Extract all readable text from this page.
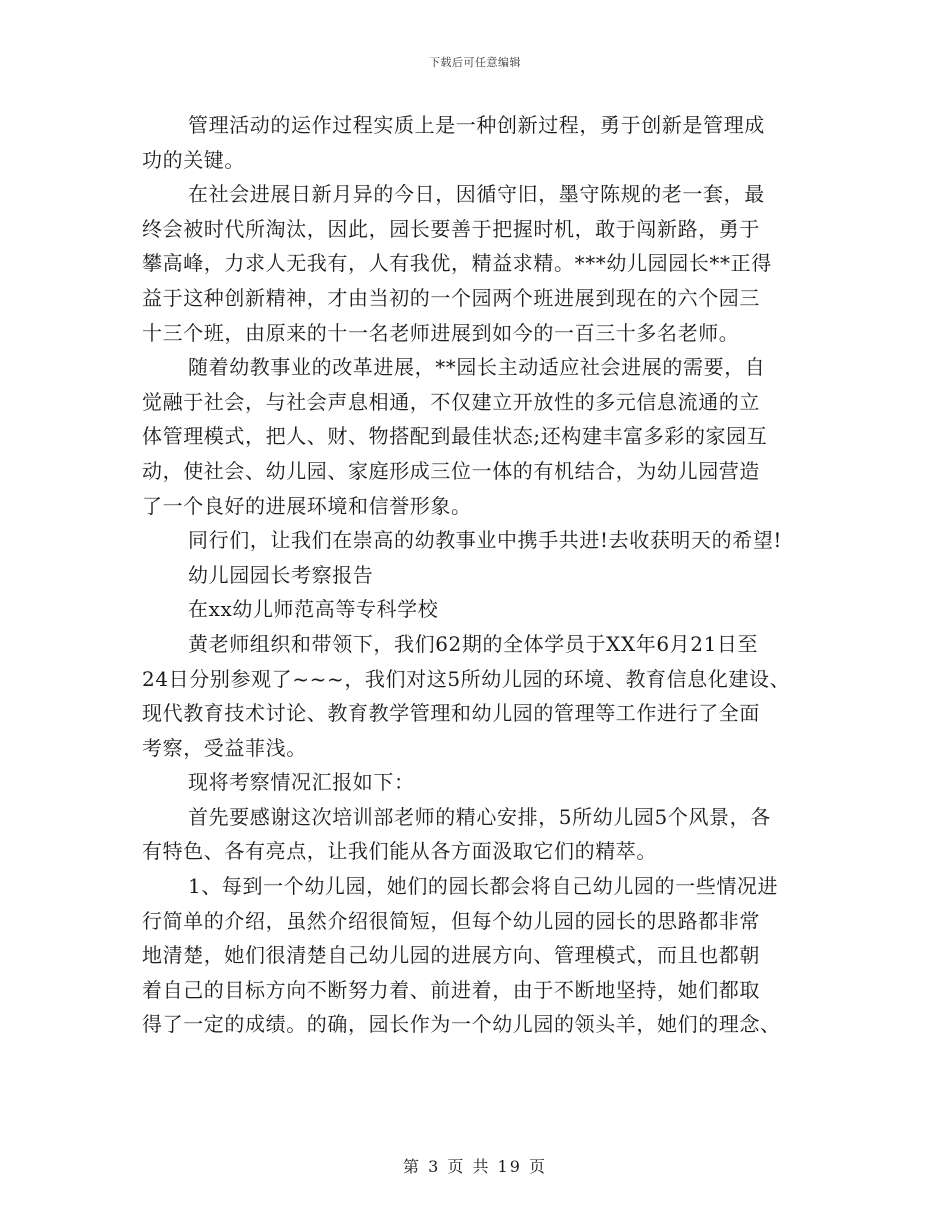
下载后可任意编辑
管理活动的运作过程实质上是一种创新过程，勇于创新是管理成
功的关键。
在社会进展日新月异的今日，因循守旧，墨守陈规的老一套，最
终会被时代所淘汰，因此，园长要善于把握时机，敢于闯新路，勇于
攀高峰，力求人无我有，人有我优，精益求精。***幼儿园园长**正得
益于这种创新精神，才由当初的一个园两个班进展到现在的六个园三
十三个班，由原来的十一名老师进展到如今的一百三十多名老师。
随着幼教事业的改革进展，**园长主动适应社会进展的需要，自
觉融于社会，与社会声息相通，不仅建立开放性的多元信息流通的立
体管理模式，把人、财、物搭配到最佳状态;还构建丰富多彩的家园互
动，使社会、幼儿园、家庭形成三位一体的有机结合，为幼儿园营造
了一个良好的进展环境和信誉形象。
同行们，让我们在崇高的幼教事业中携手共进!去收获明天的希望!
幼儿园园长考察报告
在xx幼儿师范高等专科学校
黄老师组织和带领下，我们62期的全体学员于XX年6月21日至
24日分别参观了~~~，我们对这5所幼儿园的环境、教育信息化建设、
现代教育技术讨论、教育教学管理和幼儿园的管理等工作进行了全面
考察，受益菲浅。
现将考察情况汇报如下：
首先要感谢这次培训部老师的精心安排，5所幼儿园5个风景，各
有特色、各有亮点，让我们能从各方面汲取它们的精萃。
1、每到一个幼儿园，她们的园长都会将自己幼儿园的一些情况进
行简单的介绍，虽然介绍很简短，但每个幼儿园的园长的思路都非常
地清楚，她们很清楚自己幼儿园的进展方向、管理模式，而且也都朝
着自己的目标方向不断努力着、前进着，由于不断地坚持，她们都取
得了一定的成绩。的确，园长作为一个幼儿园的领头羊，她们的理念、
第 3 页 共 19 页
